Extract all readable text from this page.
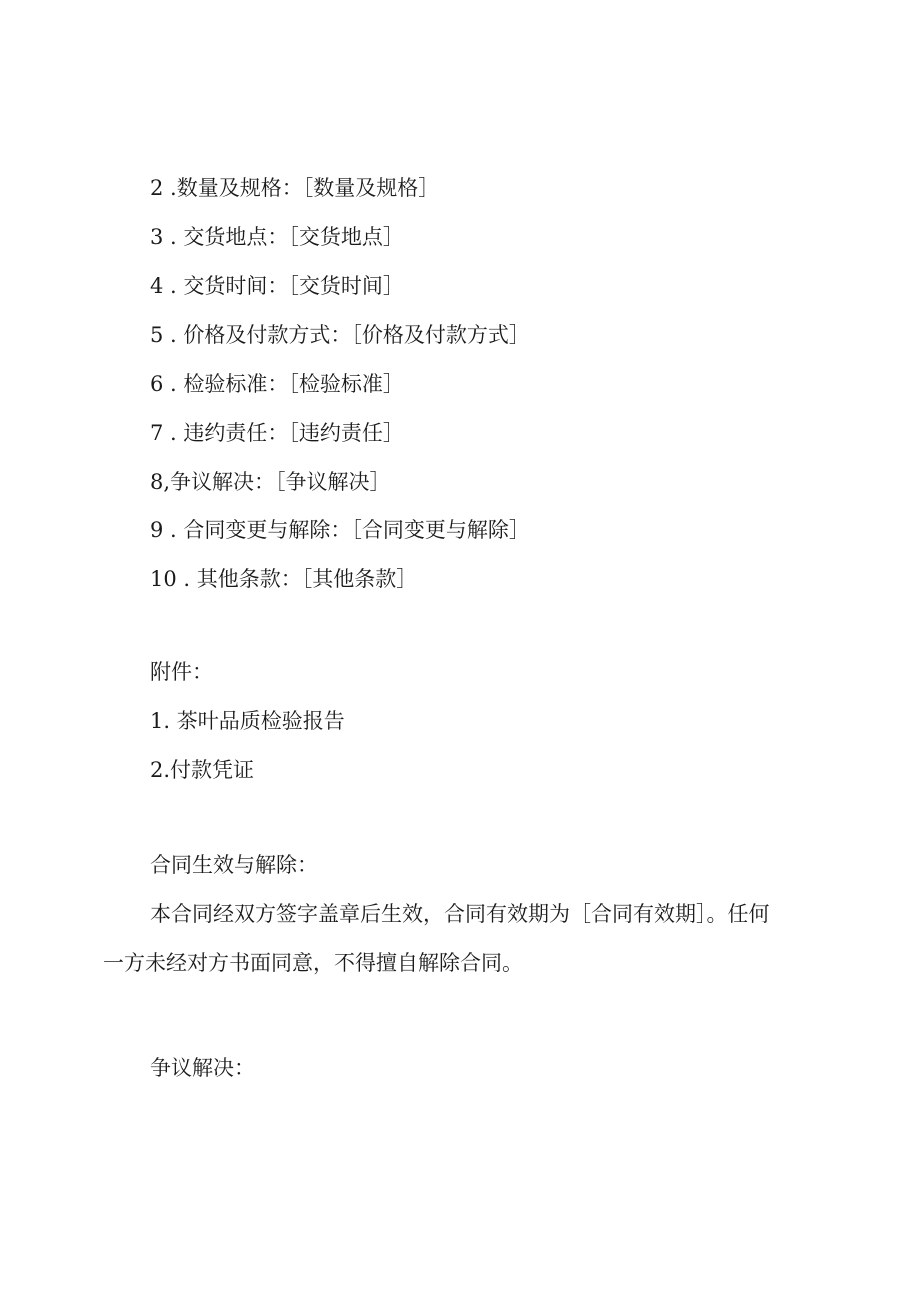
2 .数量及规格：［数量及规格］
3 . 交货地点：［交货地点］
4 . 交货时间：［交货时间］
5 . 价格及付款方式：［价格及付款方式］
6 . 检验标准：［检验标准］
7 . 违约责任：［违约责任］
8,争议解决：［争议解决］
9 . 合同变更与解除：［合同变更与解除］
10 . 其他条款：［其他条款］
附件：
1. 茶叶品质检验报告
2.付款凭证
合同生效与解除：
本合同经双方签字盖章后生效，合同有效期为［合同有效期］。任何
一方未经对方书面同意，不得擅自解除合同。
争议解决：
